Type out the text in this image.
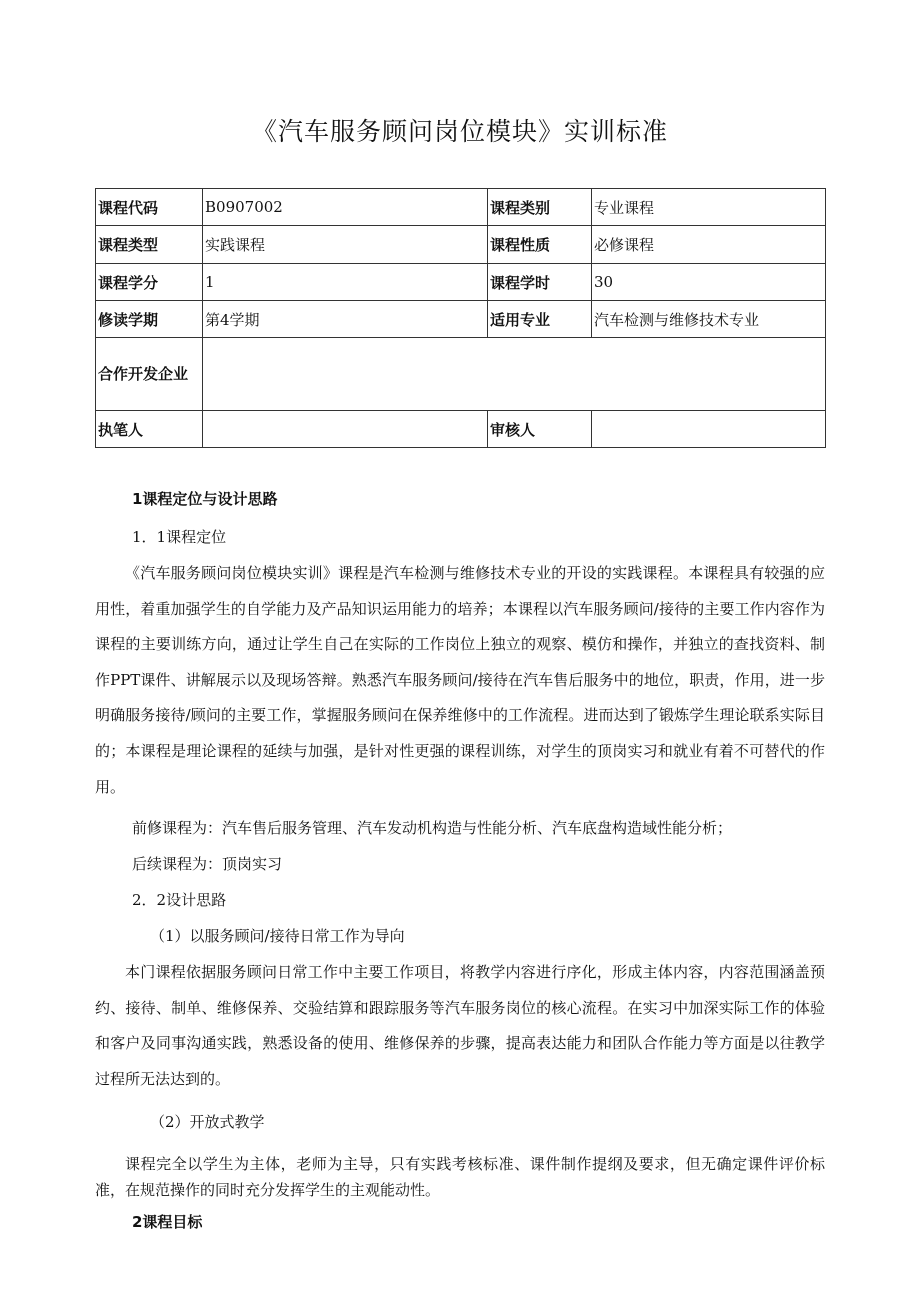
《汽车服务顾问岗位模块》实训标准
课程代码	B0907002	课程类别	专业课程
课程类型	实践课程	课程性质	必修课程
课程学分	1	课程学时	30
修读学期	第4学期	适用专业	汽车检测与维修技术专业
合作开发企业			
执笔人		审核人	

1课程定位与设计思路

1．1课程定位

《汽车服务顾问岗位模块实训》课程是汽车检测与维修技术专业的开设的实践课程。本课程具有较强的应用性，着重加强学生的自学能力及产品知识运用能力的培养；本课程以汽车服务顾问/接待的主要工作内容作为课程的主要训练方向，通过让学生自己在实际的工作岗位上独立的观察、模仿和操作，并独立的查找资料、制作PPT课件、讲解展示以及现场答辩。熟悉汽车服务顾问/接待在汽车售后服务中的地位，职责，作用，进一步明确服务接待/顾问的主要工作，掌握服务顾问在保养维修中的工作流程。进而达到了锻炼学生理论联系实际目的；本课程是理论课程的延续与加强，是针对性更强的课程训练，对学生的顶岗实习和就业有着不可替代的作用。

前修课程为：汽车售后服务管理、汽车发动机构造与性能分析、汽车底盘构造域性能分析；

后续课程为：顶岗实习

2．2设计思路

（1）以服务顾问/接待日常工作为导向

本门课程依据服务顾问日常工作中主要工作项目，将教学内容进行序化，形成主体内容，内容范围涵盖预约、接待、制单、维修保养、交验结算和跟踪服务等汽车服务岗位的核心流程。在实习中加深实际工作的体验和客户及同事沟通实践，熟悉设备的使用、维修保养的步骤，提高表达能力和团队合作能力等方面是以往教学过程所无法达到的。

（2）开放式教学

课程完全以学生为主体，老师为主导，只有实践考核标准、课件制作提纲及要求，但无确定课件评价标准，在规范操作的同时充分发挥学生的主观能动性。

2课程目标
